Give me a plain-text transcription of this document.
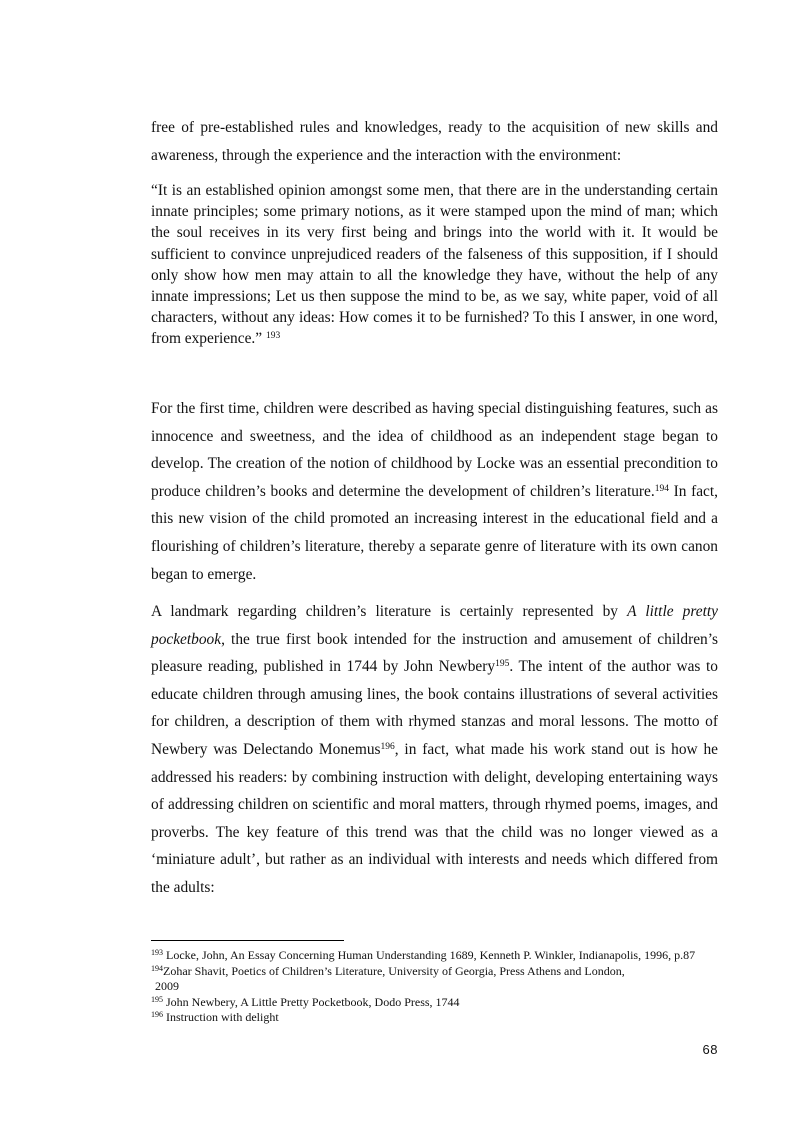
free of pre-established rules and knowledges, ready to the acquisition of new skills and awareness, through the experience and the interaction with the environment:

“It is an established opinion amongst some men, that there are in the understanding certain innate principles; some primary notions, as it were stamped upon the mind of man; which the soul receives in its very first being and brings into the world with it. It would be sufficient to convince unprejudiced readers of the falseness of this supposition, if I should only show how men may attain to all the knowledge they have, without the help of any innate impressions; Let us then suppose the mind to be, as we say, white paper, void of all characters, without any ideas: How comes it to be furnished? To this I answer, in one word, from experience.” $^{193}$

For the first time, children were described as having special distinguishing features, such as innocence and sweetness, and the idea of childhood as an independent stage began to develop. The creation of the notion of childhood by Locke was an essential precondition to produce children’s books and determine the development of children’s literature.$^{194}$ In fact, this new vision of the child promoted an increasing interest in the educational field and a flourishing of children’s literature, thereby a separate genre of literature with its own canon began to emerge.

A landmark regarding children’s literature is certainly represented by A little pretty pocketbook, the true first book intended for the instruction and amusement of children’s pleasure reading, published in 1744 by John Newbery$^{195}$. The intent of the author was to educate children through amusing lines, the book contains illustrations of several activities for children, a description of them with rhymed stanzas and moral lessons. The motto of Newbery was Delectando Monemus$^{196}$, in fact, what made his work stand out is how he addressed his readers: by combining instruction with delight, developing entertaining ways of addressing children on scientific and moral matters, through rhymed poems, images, and proverbs. The key feature of this trend was that the child was no longer viewed as a ‘miniature adult’, but rather as an individual with interests and needs which differed from the adults:

$^{193}$ Locke, John, An Essay Concerning Human Understanding 1689, Kenneth P. Winkler, Indianapolis, 1996, p.87

$^{194}$Zohar Shavit, Poetics of Children’s Literature, University of Georgia, Press Athens and London,
2009

$^{195}$ John Newbery, A Little Pretty Pocketbook, Dodo Press, 1744

$^{196}$ Instruction with delight

68
